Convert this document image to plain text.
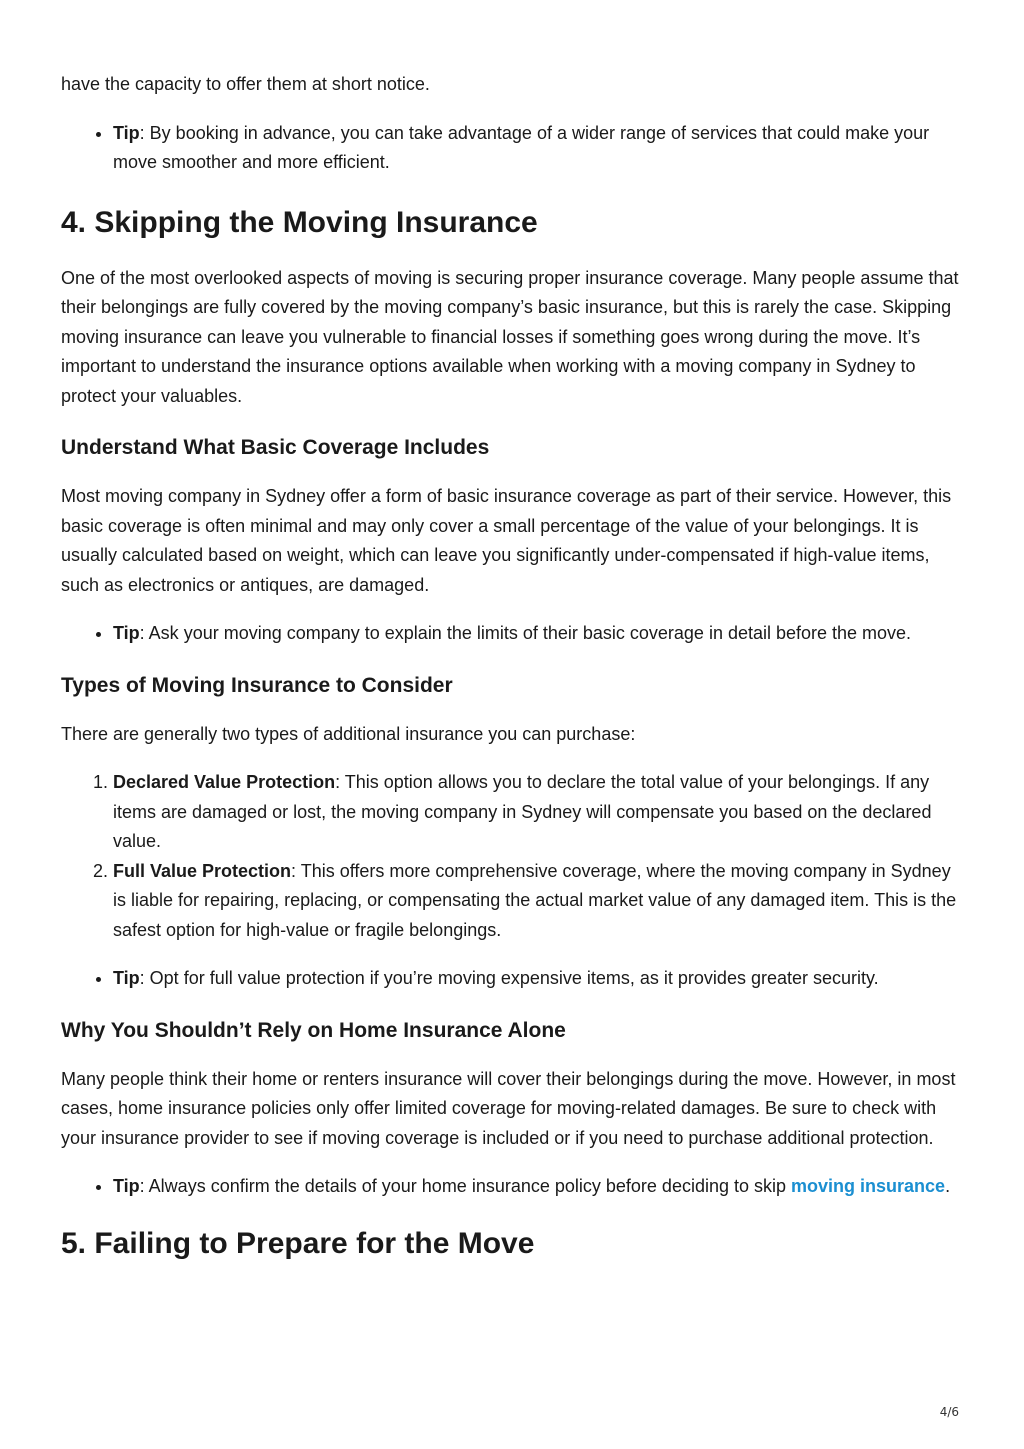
have the capacity to offer them at short notice.

• Tip: By booking in advance, you can take advantage of a wider range of services that could make your move smoother and more efficient.
4. Skipping the Moving Insurance

One of the most overlooked aspects of moving is securing proper insurance coverage. Many people assume that their belongings are fully covered by the moving company’s basic insurance, but this is rarely the case. Skipping moving insurance can leave you vulnerable to financial losses if something goes wrong during the move. It’s important to understand the insurance options available when working with a moving company in Sydney to protect your valuables.

Understand What Basic Coverage Includes

Most moving company in Sydney offer a form of basic insurance coverage as part of their service. However, this basic coverage is often minimal and may only cover a small percentage of the value of your belongings. It is usually calculated based on weight, which can leave you significantly under-compensated if high-value items, such as electronics or antiques, are damaged.

• Tip: Ask your moving company to explain the limits of their basic coverage in detail before the move.
Types of Moving Insurance to Consider

There are generally two types of additional insurance you can purchase:

1. Declared Value Protection: This option allows you to declare the total value of your belongings. If any items are damaged or lost, the moving company in Sydney will compensate you based on the declared value.
2. Full Value Protection: This offers more comprehensive coverage, where the moving company in Sydney is liable for repairing, replacing, or compensating the actual market value of any damaged item. This is the safest option for high-value or fragile belongings.
• Tip: Opt for full value protection if you’re moving expensive items, as it provides greater security.
Why You Shouldn’t Rely on Home Insurance Alone

Many people think their home or renters insurance will cover their belongings during the move. However, in most cases, home insurance policies only offer limited coverage for moving-related damages. Be sure to check with your insurance provider to see if moving coverage is included or if you need to purchase additional protection.

• Tip: Always confirm the details of your home insurance policy before deciding to skip moving insurance.
5. Failing to Prepare for the Move
4/6
